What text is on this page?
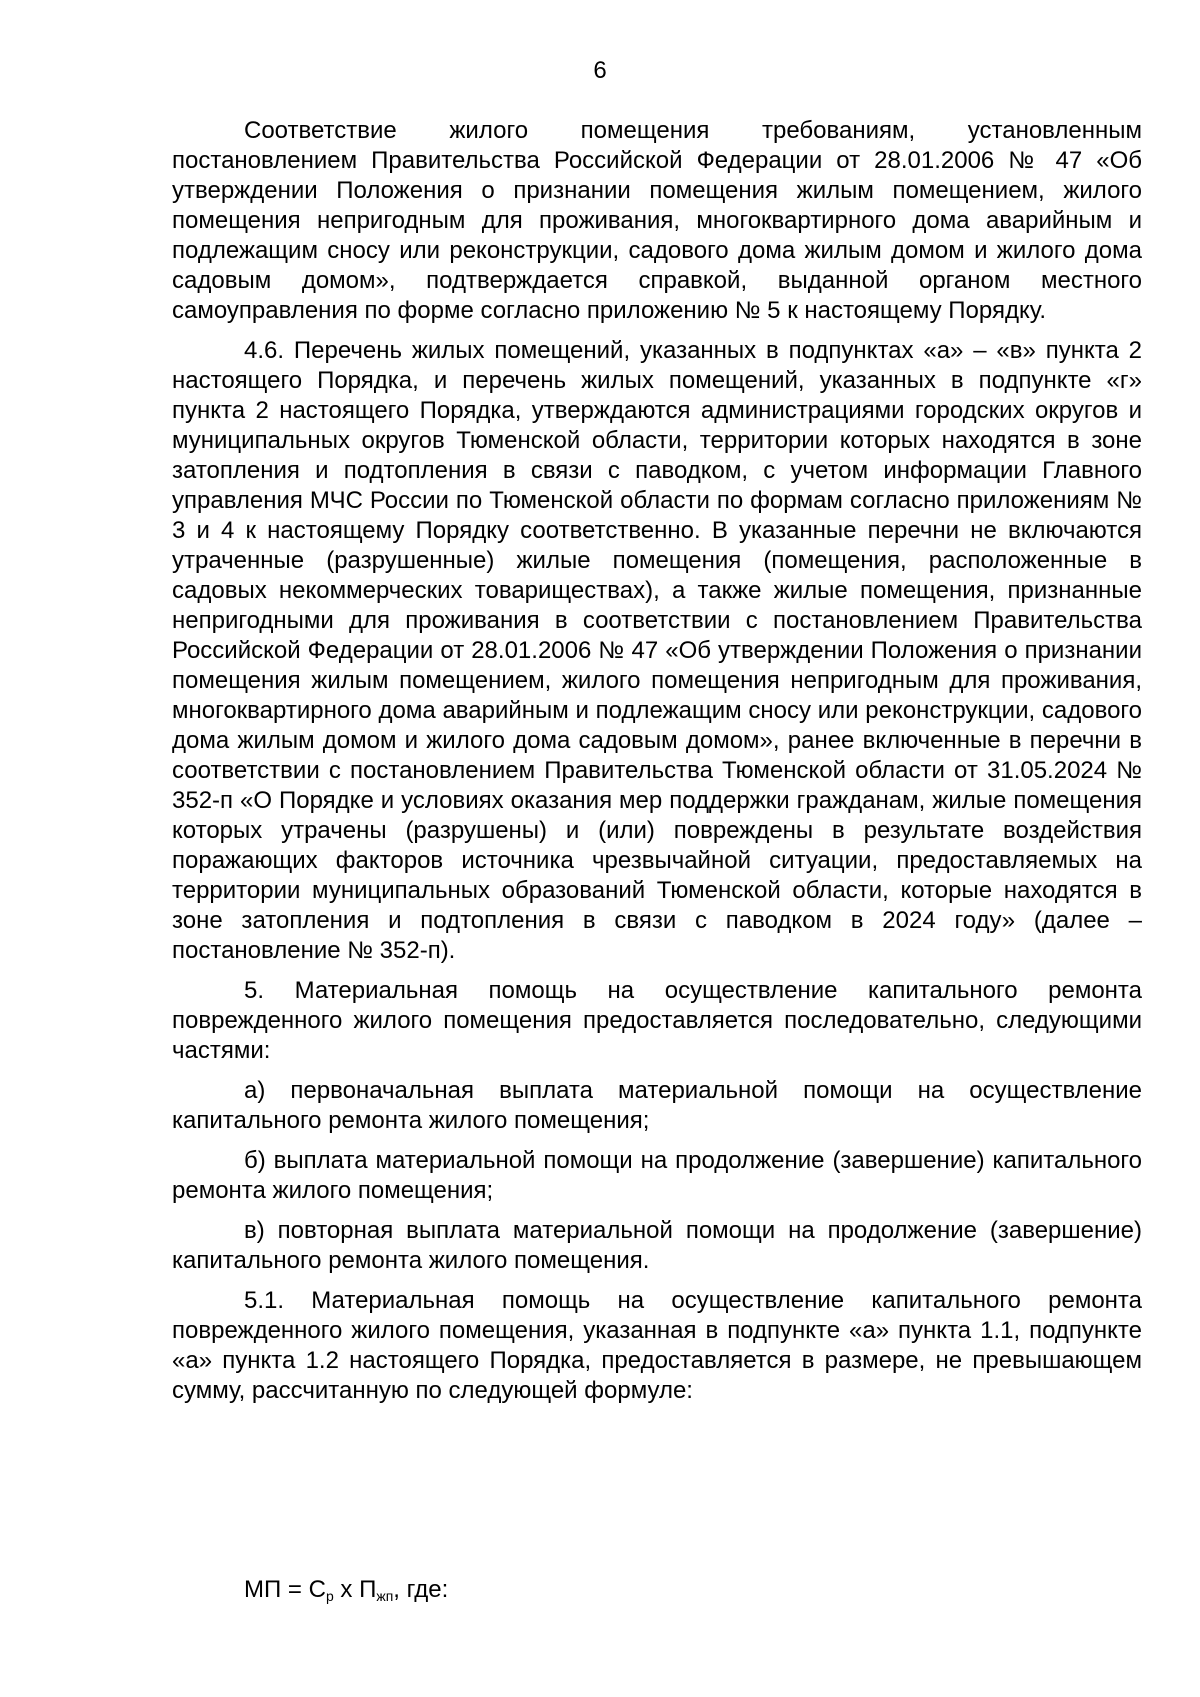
6

Соответствие жилого помещения требованиям, установленным постановлением Правительства Российской Федерации от 28.01.2006 № 47 «Об утверждении Положения о признании помещения жилым помещением, жилого помещения непригодным для проживания, многоквартирного дома аварийным и подлежащим сносу или реконструкции, садового дома жилым домом и жилого дома садовым домом», подтверждается справкой, выданной органом местного самоуправления по форме согласно приложению № 5 к настоящему Порядку.

4.6. Перечень жилых помещений, указанных в подпунктах «а» – «в» пункта 2 настоящего Порядка, и перечень жилых помещений, указанных в подпункте «г» пункта 2 настоящего Порядка, утверждаются администрациями городских округов и муниципальных округов Тюменской области, территории которых находятся в зоне затопления и подтопления в связи с паводком, с учетом информации Главного управления МЧС России по Тюменской области по формам согласно приложениям № 3 и 4 к настоящему Порядку соответственно. В указанные перечни не включаются утраченные (разрушенные) жилые помещения (помещения, расположенные в садовых некоммерческих товариществах), а также жилые помещения, признанные непригодными для проживания в соответствии с постановлением Правительства Российской Федерации от 28.01.2006 № 47 «Об утверждении Положения о признании помещения жилым помещением, жилого помещения непригодным для проживания, многоквартирного дома аварийным и подлежащим сносу или реконструкции, садового дома жилым домом и жилого дома садовым домом», ранее включенные в перечни в соответствии с постановлением Правительства Тюменской области от 31.05.2024 № 352-п «О Порядке и условиях оказания мер поддержки гражданам, жилые помещения которых утрачены (разрушены) и (или) повреждены в результате воздействия поражающих факторов источника чрезвычайной ситуации, предоставляемых на территории муниципальных образований Тюменской области, которые находятся в зоне затопления и подтопления в связи с паводком в 2024 году» (далее – постановление № 352-п).

5. Материальная помощь на осуществление капитального ремонта поврежденного жилого помещения предоставляется последовательно, следующими частями:

а) первоначальная выплата материальной помощи на осуществление капитального ремонта жилого помещения;

б) выплата материальной помощи на продолжение (завершение) капитального ремонта жилого помещения;

в) повторная выплата материальной помощи на продолжение (завершение) капитального ремонта жилого помещения.

5.1. Материальная помощь на осуществление капитального ремонта поврежденного жилого помещения, указанная в подпункте «а» пункта 1.1, подпункте «а» пункта 1.2 настоящего Порядка, предоставляется в размере, не превышающем сумму, рассчитанную по следующей формуле:

МП = $С_р$ х $П_{жп}$, где:
